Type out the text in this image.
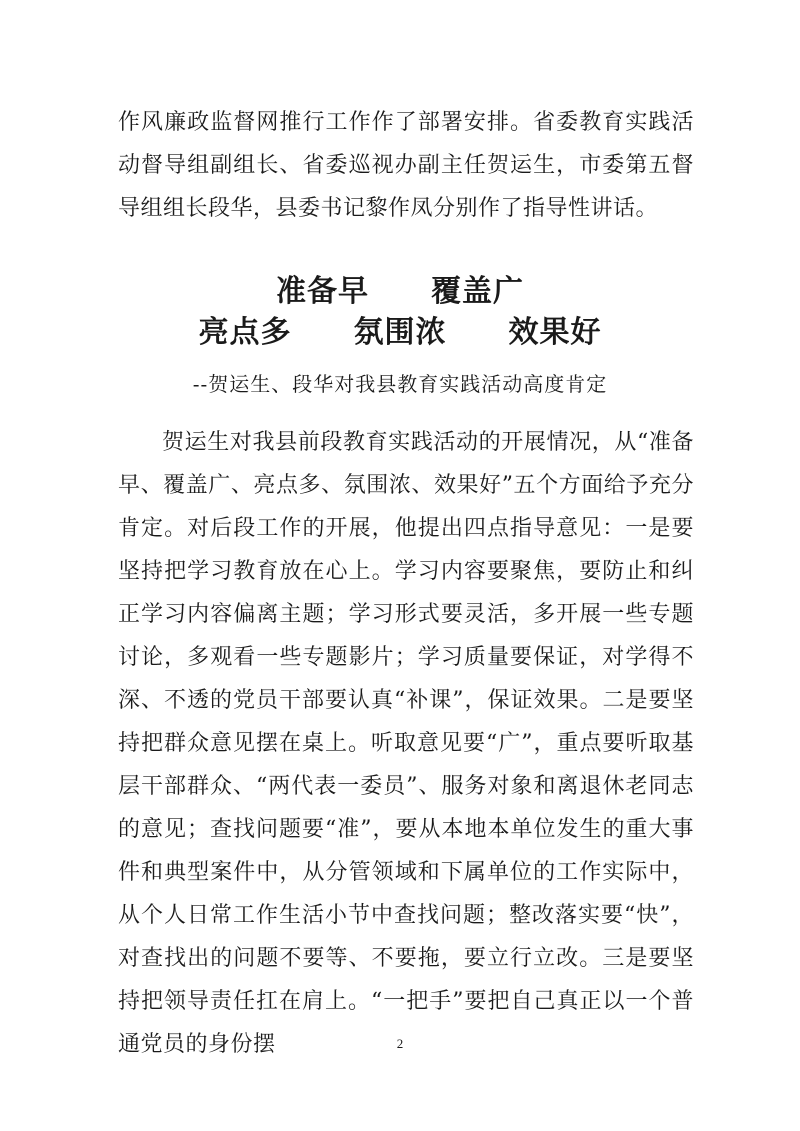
作风廉政监督网推行工作作了部署安排。省委教育实践活动督导组副组长、省委巡视办副主任贺运生，市委第五督导组组长段华，县委书记黎作凤分别作了指导性讲话。

准备早　　覆盖广
亮点多　　氛围浓　　效果好

--贺运生、段华对我县教育实践活动高度肯定

贺运生对我县前段教育实践活动的开展情况，从“准备早、覆盖广、亮点多、氛围浓、效果好”五个方面给予充分肯定。对后段工作的开展，他提出四点指导意见：一是要坚持把学习教育放在心上。学习内容要聚焦，要防止和纠正学习内容偏离主题；学习形式要灵活，多开展一些专题讨论，多观看一些专题影片；学习质量要保证，对学得不深、不透的党员干部要认真“补课”，保证效果。二是要坚持把群众意见摆在桌上。听取意见要“广”，重点要听取基层干部群众、“两代表一委员”、服务对象和离退休老同志的意见；查找问题要“准”，要从本地本单位发生的重大事件和典型案件中，从分管领域和下属单位的工作实际中，从个人日常工作生活小节中查找问题；整改落实要“快”，对查找出的问题不要等、不要拖，要立行立改。三是要坚持把领导责任扛在肩上。“一把手”要把自己真正以一个普通党员的身份摆	2
